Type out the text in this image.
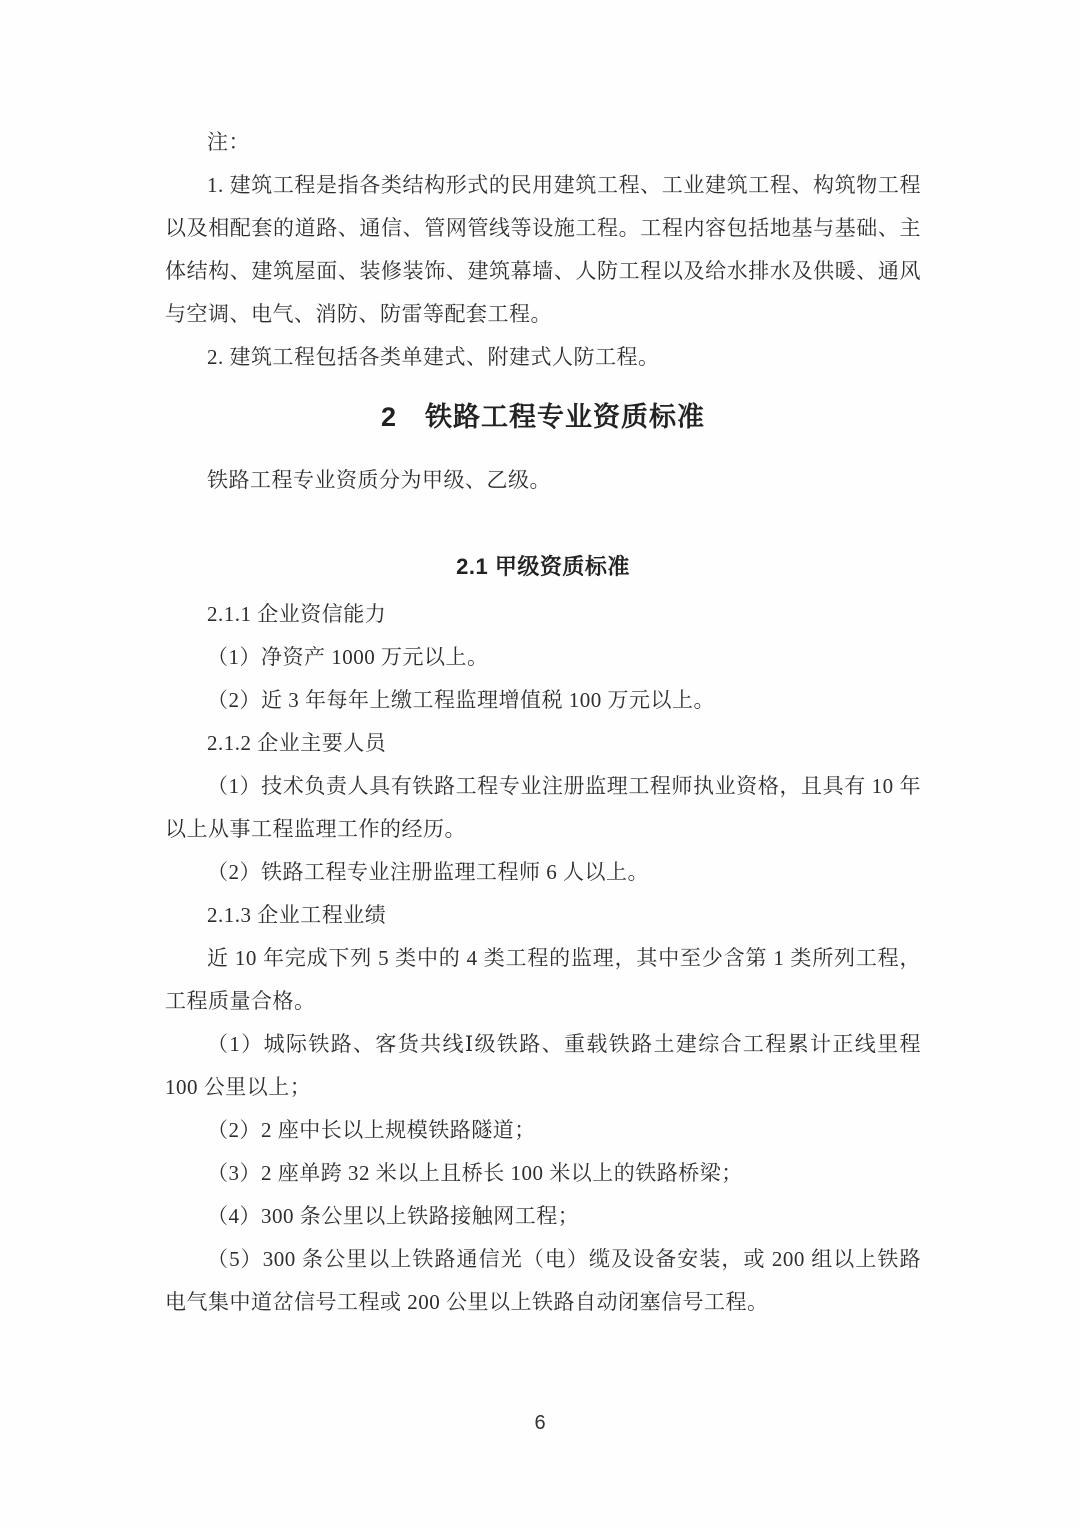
注：

1. 建筑工程是指各类结构形式的民用建筑工程、工业建筑工程、构筑物工程以及相配套的道路、通信、管网管线等设施工程。工程内容包括地基与基础、主体结构、建筑屋面、装修装饰、建筑幕墙、人防工程以及给水排水及供暖、通风与空调、电气、消防、防雷等配套工程。

2. 建筑工程包括各类单建式、附建式人防工程。

2　铁路工程专业资质标准

铁路工程专业资质分为甲级、乙级。

2.1 甲级资质标准

2.1.1 企业资信能力

（1）净资产 1000 万元以上。

（2）近 3 年每年上缴工程监理增值税 100 万元以上。

2.1.2 企业主要人员

（1）技术负责人具有铁路工程专业注册监理工程师执业资格，且具有 10 年以上从事工程监理工作的经历。

（2）铁路工程专业注册监理工程师 6 人以上。

2.1.3 企业工程业绩

近 10 年完成下列 5 类中的 4 类工程的监理，其中至少含第 1 类所列工程，工程质量合格。

（1）城际铁路、客货共线Ⅰ级铁路、重载铁路土建综合工程累计正线里程 100 公里以上；

（2）2 座中长以上规模铁路隧道；

（3）2 座单跨 32 米以上且桥长 100 米以上的铁路桥梁；

（4）300 条公里以上铁路接触网工程；

（5）300 条公里以上铁路通信光（电）缆及设备安装，或 200 组以上铁路电气集中道岔信号工程或 200 公里以上铁路自动闭塞信号工程。

6
